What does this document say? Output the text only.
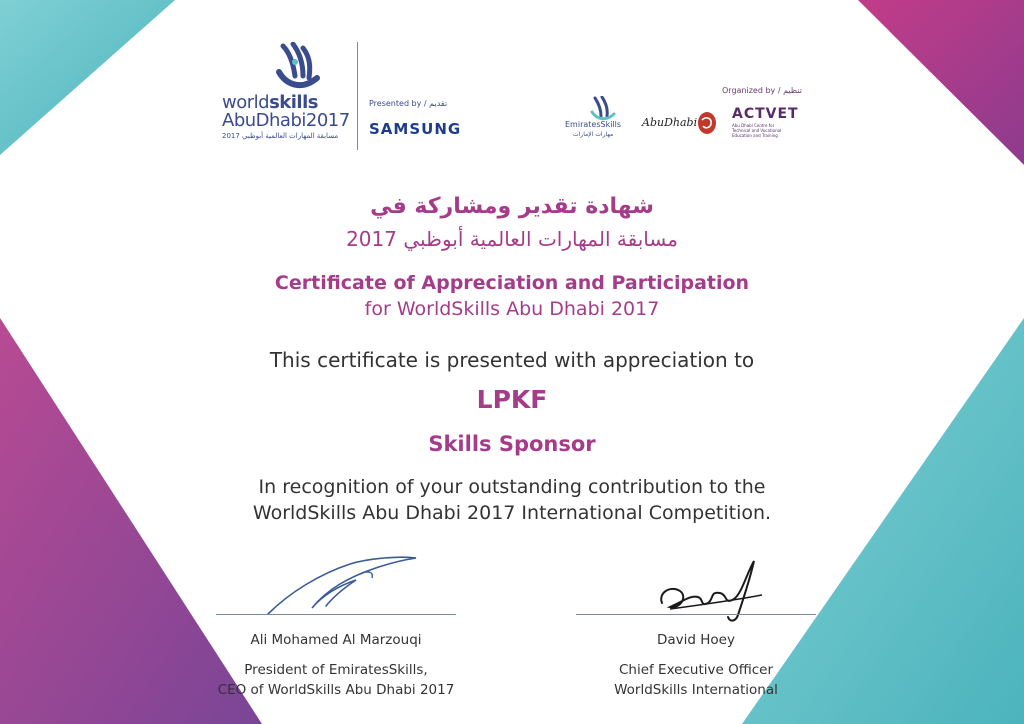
worldskills
AbuDhabi2017
مسابقة المهارات العالمية أبوظبي 2017
Presented by / تقديم
SAMSUNG
Organized by / تنظيم
EmiratesSkills
مهارات الإمارات
AbuDhabi
ACTVET
Abu Dhabi Centre for
Technical and Vocational
Education and Training
شهادة تقدير ومشاركة في
مسابقة المهارات العالمية أبوظبي 2017
Certificate of Appreciation and Participation
for WorldSkills Abu Dhabi 2017
This certificate is presented with appreciation to
LPKF
Skills Sponsor
In recognition of your outstanding contribution to the
WorldSkills Abu Dhabi 2017 International Competition.
Ali Mohamed Al Marzouqi
President of EmiratesSkills,
CEO of WorldSkills Abu Dhabi 2017
David Hoey
Chief Executive Officer
WorldSkills International
